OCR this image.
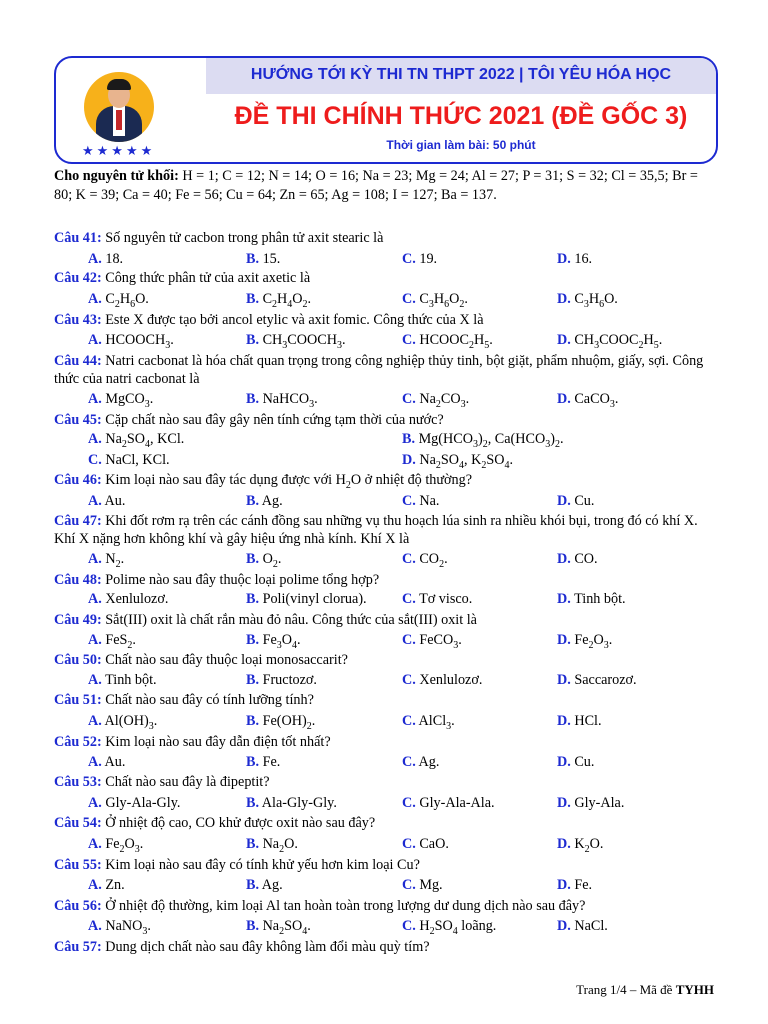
★★★★★
HƯỚNG TỚI KỲ THI TN THPT 2022 | TÔI YÊU HÓA HỌC
ĐỀ THI CHÍNH THỨC 2021 (ĐỀ GỐC 3)
Thời gian làm bài: 50 phút
Cho nguyên tử khối: H = 1; C = 12; N = 14; O = 16; Na = 23; Mg = 24; Al = 27; P = 31; S = 32; Cl = 35,5; Br = 80; K = 39; Ca = 40; Fe = 56; Cu = 64; Zn = 65; Ag = 108; I = 127; Ba = 137.
Câu 41: Số nguyên tử cacbon trong phân tử axit stearic là
A. 18.	B. 15.	C. 19.	D. 16.
Câu 42: Công thức phân tử của axit axetic là
A. $C_2H_6O$.	B. $C_2H_4O_2$.	C. $C_3H_6O_2$.	D. $C_3H_6O$.
Câu 43: Este X được tạo bởi ancol etylic và axit fomic. Công thức của X là
A. $HCOOCH_3$.	B. $CH_3COOCH_3$.	C. $HCOOC_2H_5$.	D. $CH_3COOC_2H_5$.
Câu 44: Natri cacbonat là hóa chất quan trọng trong công nghiệp thủy tinh, bột giặt, phẩm nhuộm, giấy, sợi. Công thức của natri cacbonat là
A. MgCO$_3$.	B. NaHCO$_3$.	C. $Na_2CO_3$.	D. CaCO$_3$.
Câu 45: Cặp chất nào sau đây gây nên tính cứng tạm thời của nước?
A. $Na_2SO_4$, KCl.	B. $Mg(HCO_3)_2$, $Ca(HCO_3)_2$.
C. NaCl, KCl.	D. $Na_2SO_4$, $K_2SO_4$.
Câu 46: Kim loại nào sau đây tác dụng được với $H_2O$ ở nhiệt độ thường?
A. Au.	B. Ag.	C. Na.	D. Cu.
Câu 47: Khi đốt rơm rạ trên các cánh đồng sau những vụ thu hoạch lúa sinh ra nhiều khói bụi, trong đó có khí X. Khí X nặng hơn không khí và gây hiệu ứng nhà kính. Khí X là
A. $N_2$.	B. $O_2$.	C. $CO_2$.	D. CO.
Câu 48: Polime nào sau đây thuộc loại polime tổng hợp?
A. Xenlulozơ.	B. Poli(vinyl clorua). C. Tơ visco.	D. Tinh bột.
Câu 49: Sắt(III) oxit là chất rắn màu đỏ nâu. Công thức của sắt(III) oxit là
A. FeS$_2$.	B. $Fe_3O_4$.	C. FeCO$_3$.	D. $Fe_2O_3$.
Câu 50: Chất nào sau đây thuộc loại monosaccarit?
A. Tinh bột.	B. Fructozơ.	C. Xenlulozơ.	D. Saccarozơ.
Câu 51: Chất nào sau đây có tính lưỡng tính?
A. $Al(OH)_3$.	B. $Fe(OH)_2$.	C. AlCl$_3$.	D. HCl.
Câu 52: Kim loại nào sau đây dẫn điện tốt nhất?
A. Au.	B. Fe.	C. Ag.	D. Cu.
Câu 53: Chất nào sau đây là đipeptit?
A. Gly-Ala-Gly.	B. Ala-Gly-Gly.	C. Gly-Ala-Ala.	D. Gly-Ala.
Câu 54: Ở nhiệt độ cao, CO khử được oxit nào sau đây?
A. $Fe_2O_3$.	B. $Na_2O$.	C. CaO.	D. $K_2O$.
Câu 55: Kim loại nào sau đây có tính khử yếu hơn kim loại Cu?
A. Zn.	B. Ag.	C. Mg.	D. Fe.
Câu 56: Ở nhiệt độ thường, kim loại Al tan hoàn toàn trong lượng dư dung dịch nào sau đây?
A. NaNO$_3$.	B. $Na_2SO_4$.	C. $H_2SO_4$ loãng.	D. NaCl.
Câu 57: Dung dịch chất nào sau đây không làm đổi màu quỳ tím?
Trang 1/4 – Mã đề TYHH
